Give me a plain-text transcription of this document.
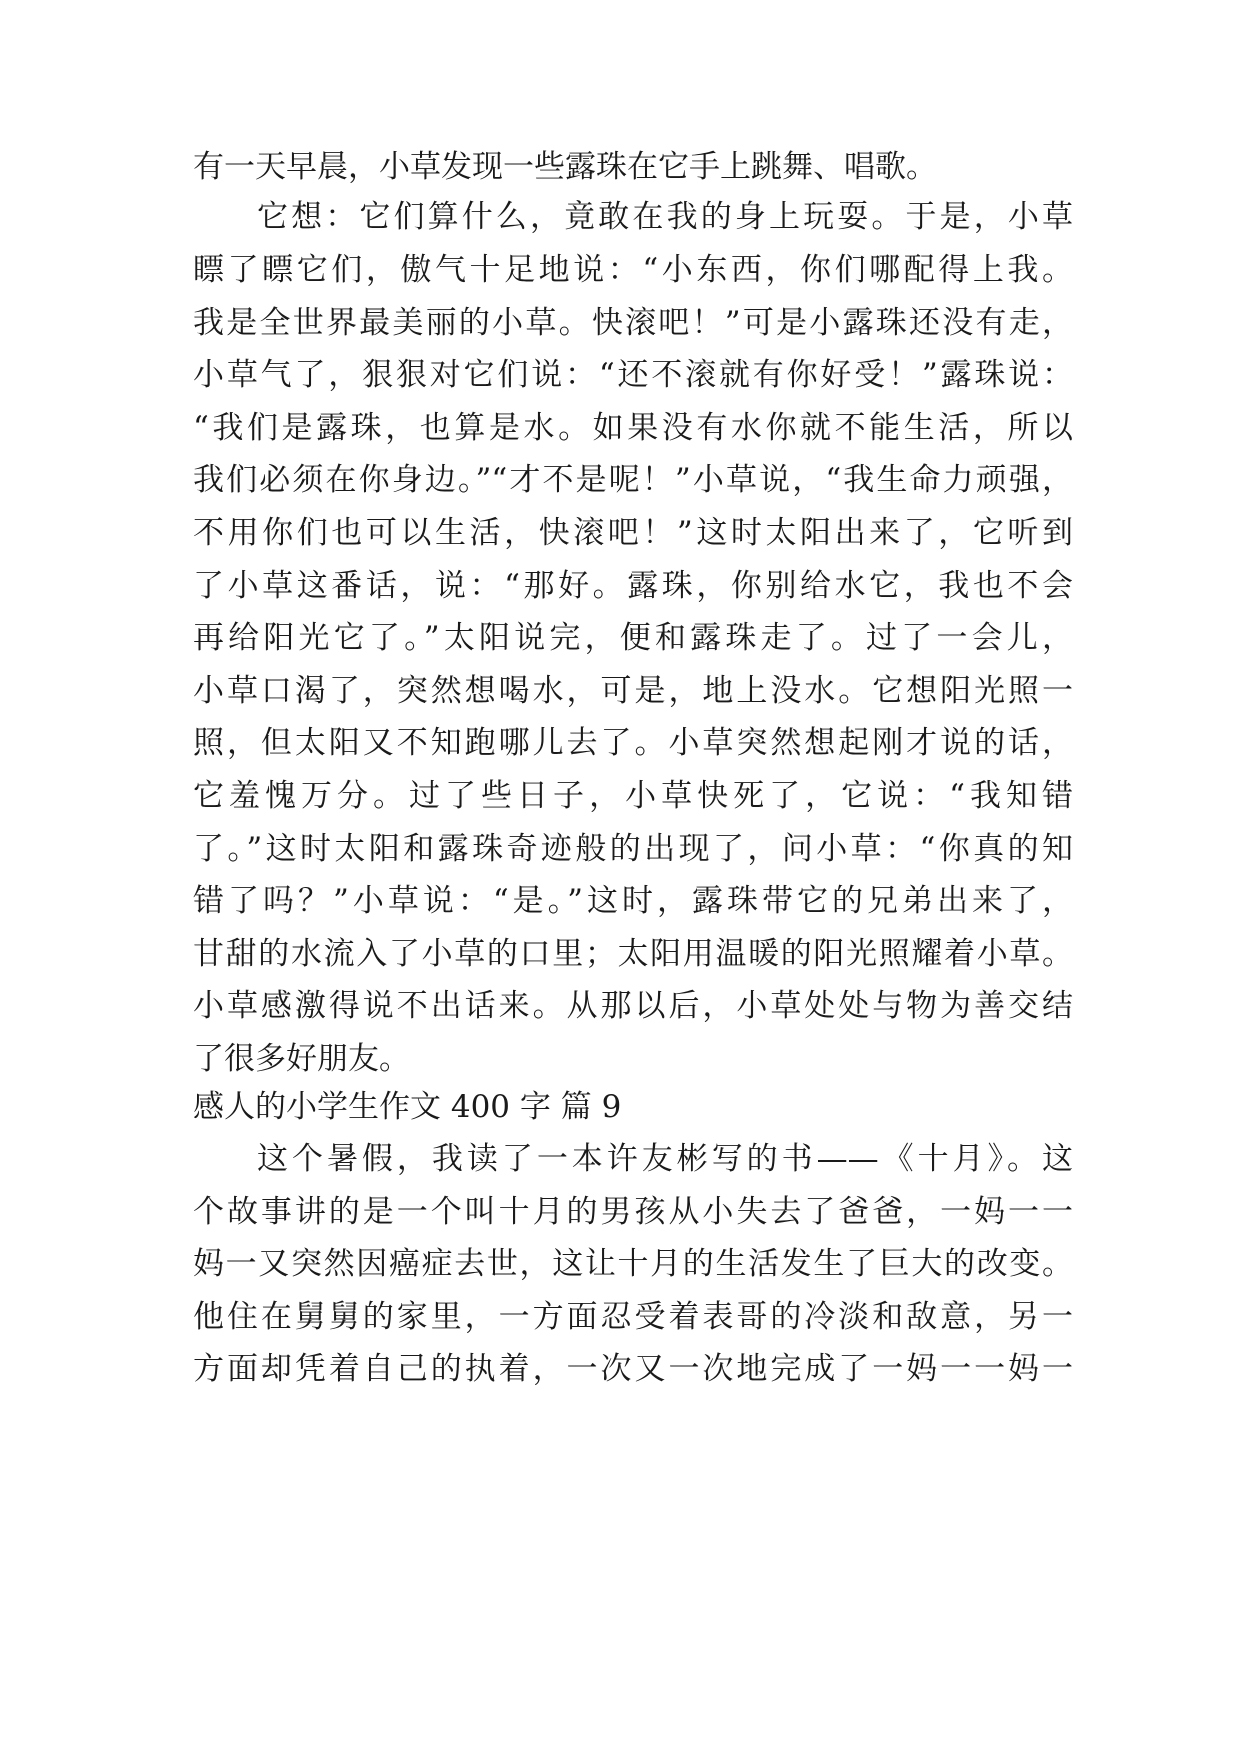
有一天早晨，小草发现一些露珠在它手上跳舞、唱歌。

它想：它们算什么，竟敢在我的身上玩耍。于是，小草

瞟了瞟它们，傲气十足地说：“小东西，你们哪配得上我。

我是全世界最美丽的小草。快滚吧！”可是小露珠还没有走，

小草气了，狠狠对它们说：“还不滚就有你好受！”露珠说：

“我们是露珠，也算是水。如果没有水你就不能生活，所以

我们必须在你身边。”“才不是呢！”小草说，“我生命力顽强，

不用你们也可以生活，快滚吧！”这时太阳出来了，它听到

了小草这番话，说：“那好。露珠，你别给水它，我也不会

再给阳光它了。”太阳说完，便和露珠走了。过了一会儿，

小草口渴了，突然想喝水，可是，地上没水。它想阳光照一

照，但太阳又不知跑哪儿去了。小草突然想起刚才说的话，

它羞愧万分。过了些日子，小草快死了，它说：“我知错

了。”这时太阳和露珠奇迹般的出现了，问小草：“你真的知

错了吗？”小草说：“是。”这时，露珠带它的兄弟出来了，

甘甜的水流入了小草的口里；太阳用温暖的阳光照耀着小草。

小草感激得说不出话来。从那以后，小草处处与物为善交结

了很多好朋友。

感人的小学生作文 400 字 篇 9

这个暑假，我读了一本许友彬写的书——《十月》。这

个故事讲的是一个叫十月的男孩从小失去了爸爸，一妈一一

妈一又突然因癌症去世，这让十月的生活发生了巨大的改变。

他住在舅舅的家里，一方面忍受着表哥的冷淡和敌意，另一

方面却凭着自己的执着，一次又一次地完成了一妈一一妈一
